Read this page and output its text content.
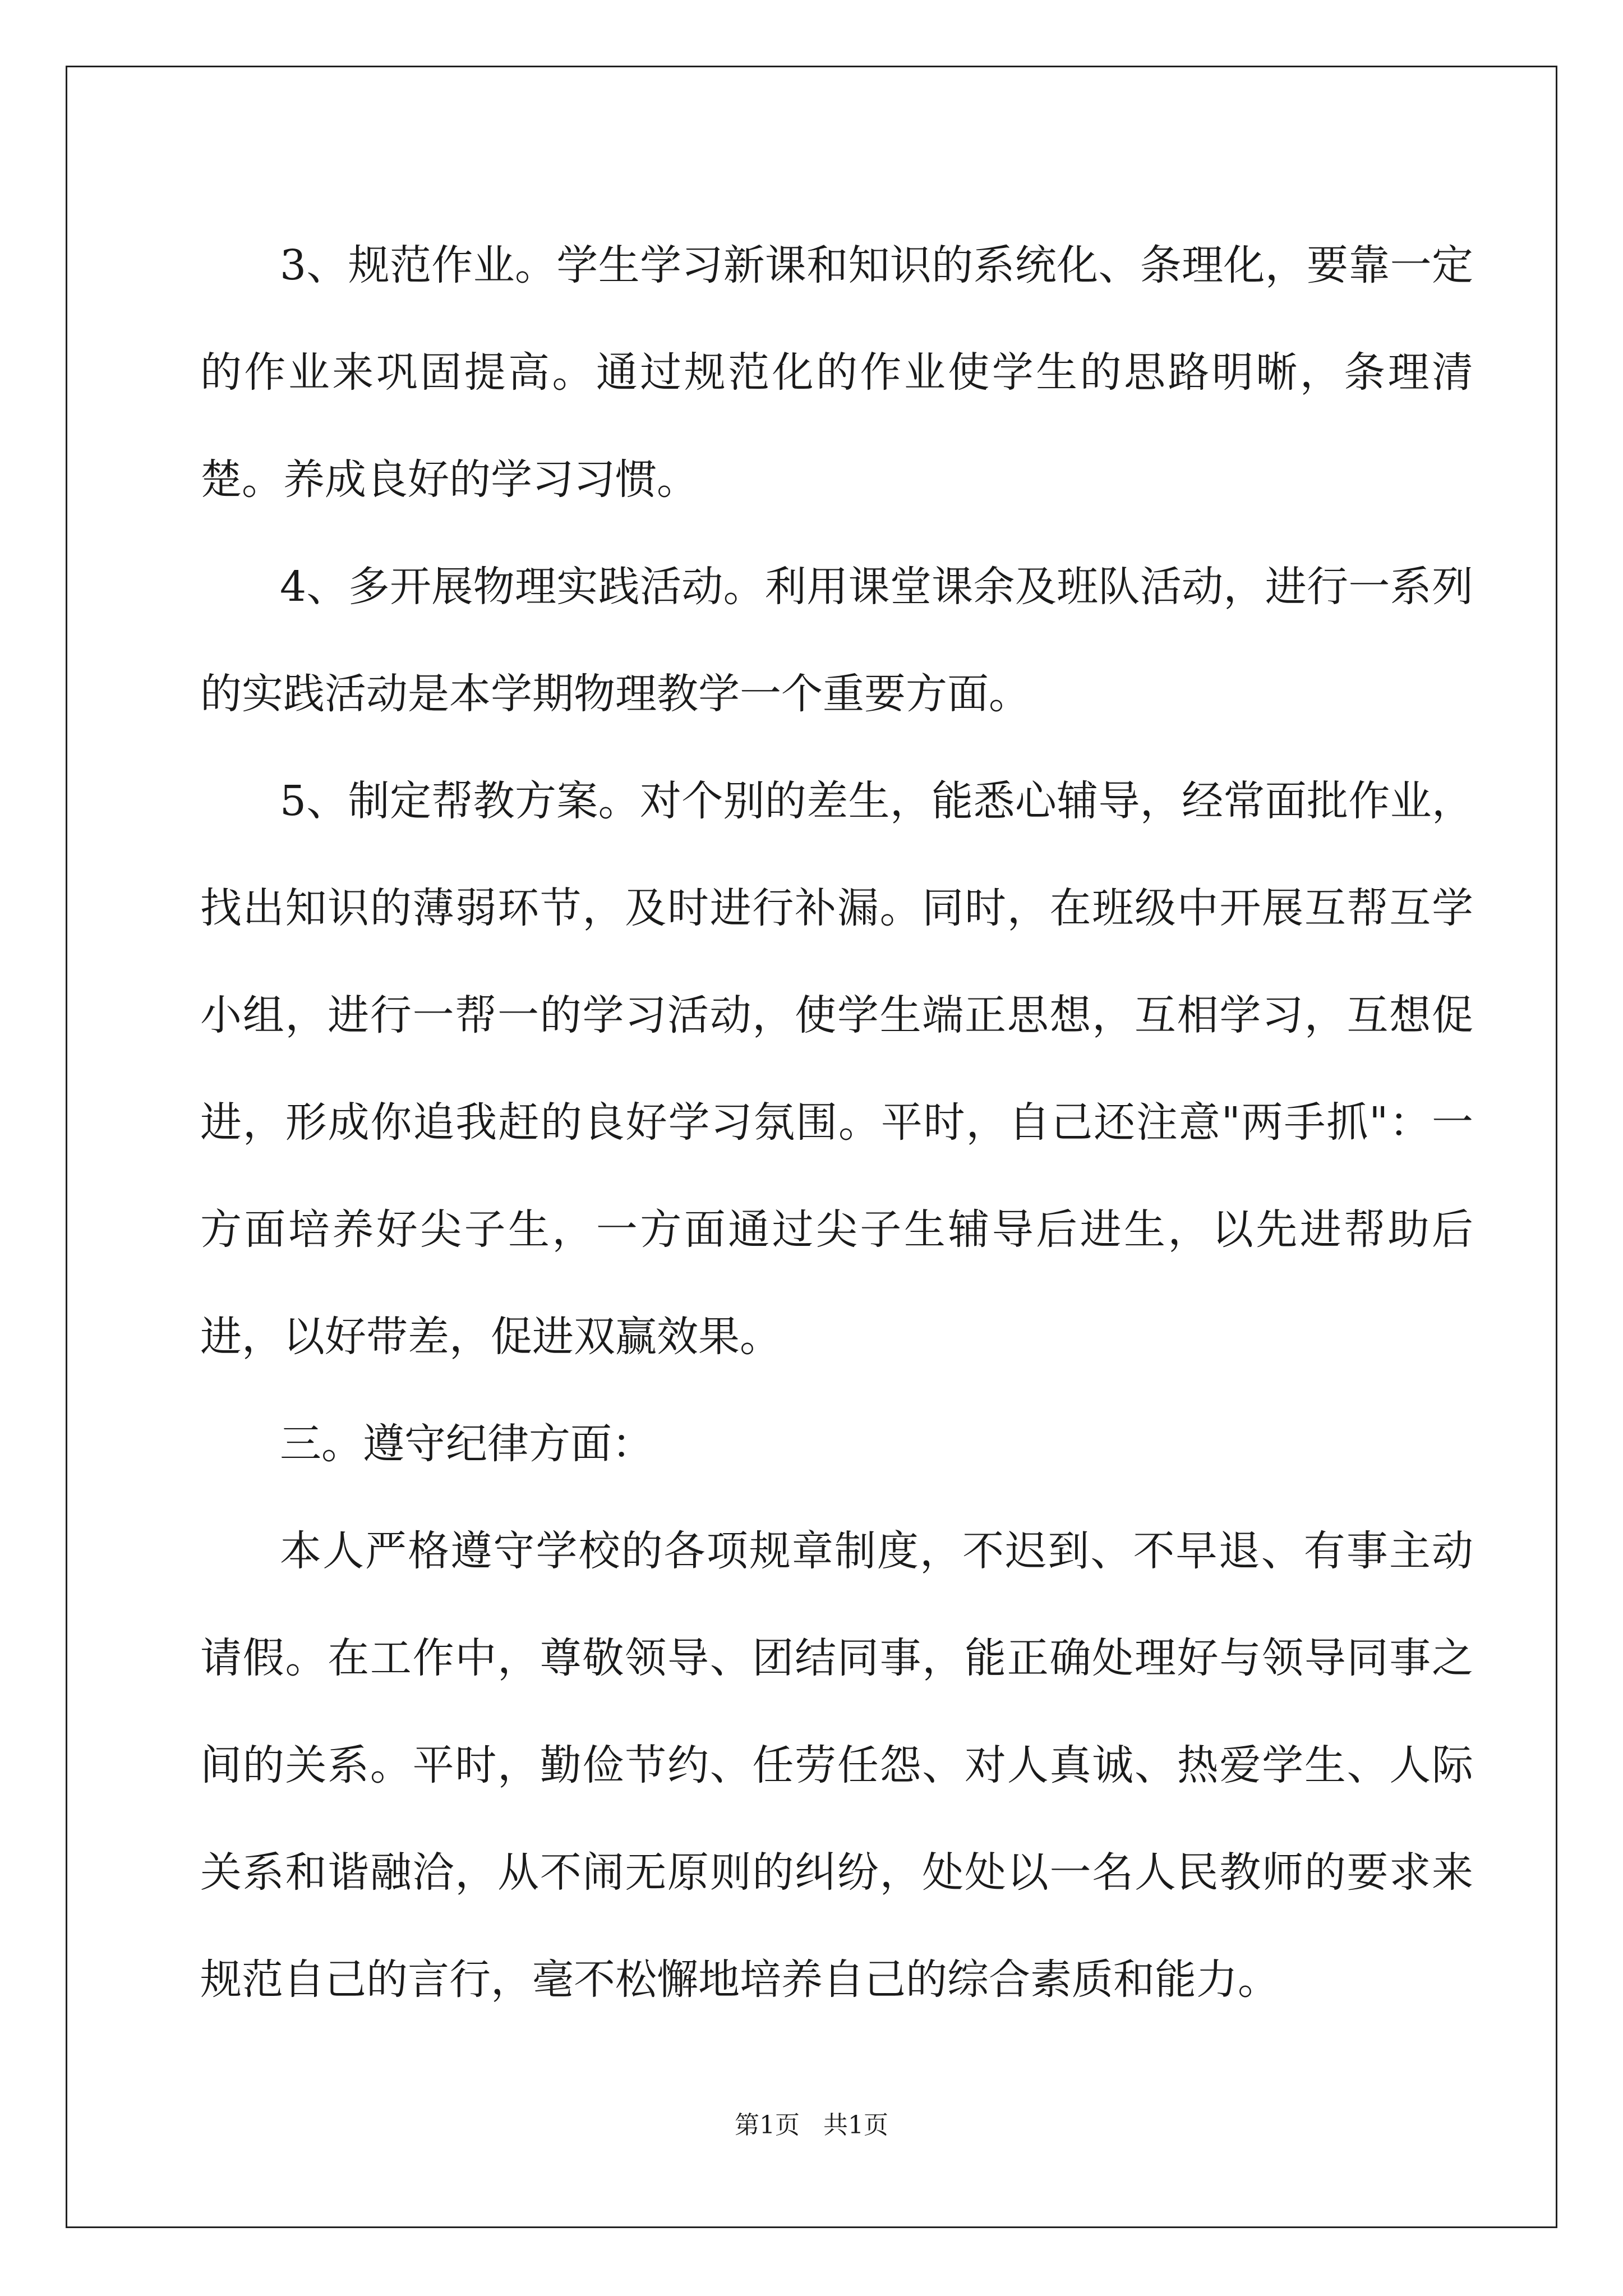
3、规范作业。学生学习新课和知识的系统化、条理化，要靠一定的作业来巩固提高。通过规范化的作业使学生的思路明晰，条理清楚。养成良好的学习习惯。

4、多开展物理实践活动。利用课堂课余及班队活动，进行一系列的实践活动是本学期物理教学一个重要方面。

5、制定帮教方案。对个别的差生，能悉心辅导，经常面批作业，找出知识的薄弱环节，及时进行补漏。同时，在班级中开展互帮互学小组，进行一帮一的学习活动，使学生端正思想，互相学习，互想促进，形成你追我赶的良好学习氛围。平时，自己还注意"两手抓"：一方面培养好尖子生，一方面通过尖子生辅导后进生，以先进帮助后进，以好带差，促进双赢效果。

三。遵守纪律方面：

本人严格遵守学校的各项规章制度，不迟到、不早退、有事主动请假。在工作中，尊敬领导、团结同事，能正确处理好与领导同事之间的关系。平时，勤俭节约、任劳任怨、对人真诚、热爱学生、人际关系和谐融洽，从不闹无原则的纠纷，处处以一名人民教师的要求来规范自己的言行，毫不松懈地培养自己的综合素质和能力。

第1页   共1页
